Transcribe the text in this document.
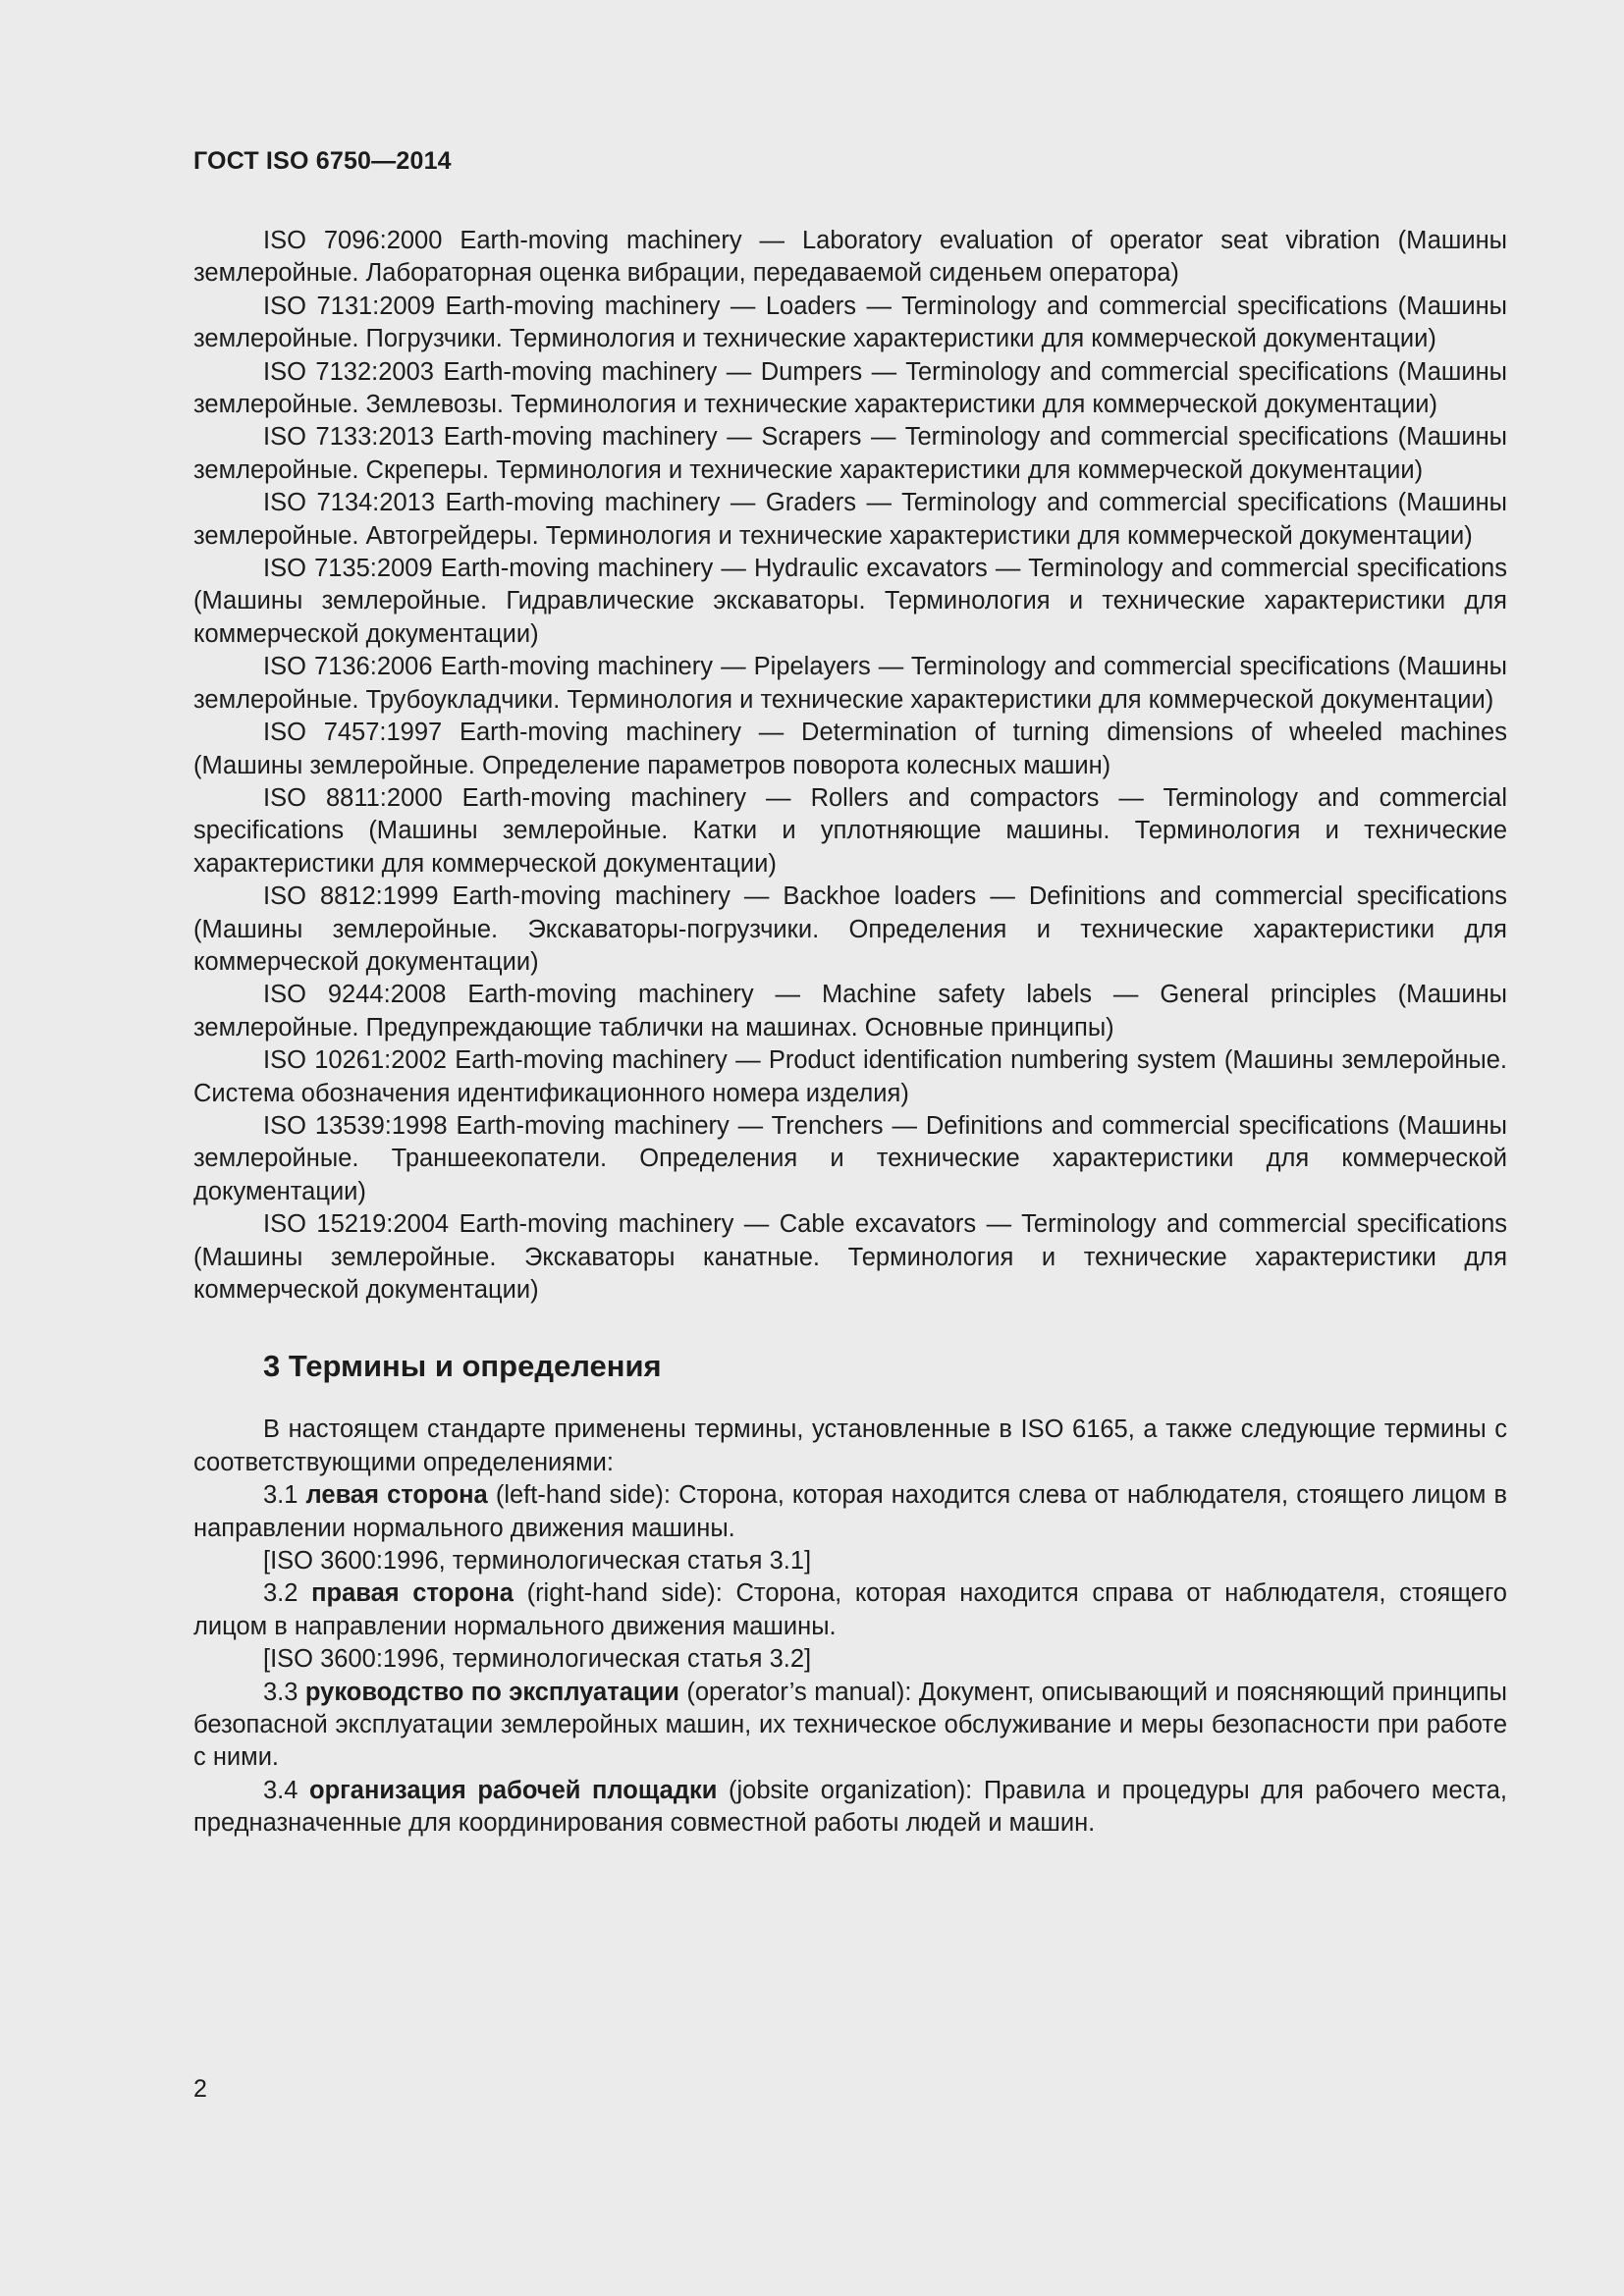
ГОСТ ISO 6750—2014

ISO 7096:2000 Earth-moving machinery — Laboratory evaluation of operator seat vibration (Машины землеройные. Лабораторная оценка вибрации, передаваемой сиденьем оператора)

ISO 7131:2009 Earth-moving machinery — Loaders — Terminology and commercial specifications (Машины землеройные. Погрузчики. Терминология и технические характеристики для коммерческой документации)

ISO 7132:2003 Earth-moving machinery — Dumpers — Terminology and commercial specifications (Машины землеройные. Землевозы. Терминология и технические характеристики для коммерческой документации)

ISO 7133:2013 Earth-moving machinery — Scrapers — Terminology and commercial specifications (Машины землеройные. Скреперы. Терминология и технические характеристики для коммерческой документации)

ISO 7134:2013 Earth-moving machinery — Graders — Terminology and commercial specifications (Машины землеройные. Автогрейдеры. Терминология и технические характеристики для коммерческой документации)

ISO 7135:2009 Earth-moving machinery — Hydraulic excavators — Terminology and commercial specifications (Машины землеройные. Гидравлические экскаваторы. Терминология и технические характеристики для коммерческой документации)

ISO 7136:2006 Earth-moving machinery — Pipelayers — Terminology and commercial specifications (Машины землеройные. Трубоукладчики. Терминология и технические характеристики для коммерческой документации)

ISO 7457:1997 Earth-moving machinery — Determination of turning dimensions of wheeled machines (Машины землеройные. Определение параметров поворота колесных машин)

ISO 8811:2000 Earth-moving machinery — Rollers and compactors — Terminology and commercial specifications (Машины землеройные. Катки и уплотняющие машины. Терминология и технические характеристики для коммерческой документации)

ISO 8812:1999 Earth-moving machinery — Backhoe loaders — Definitions and commercial specifications (Машины землеройные. Экскаваторы-погрузчики. Определения и технические характеристики для коммерческой документации)

ISO 9244:2008 Earth-moving machinery — Machine safety labels — General principles (Машины землеройные. Предупреждающие таблички на машинах. Основные принципы)

ISO 10261:2002 Earth-moving machinery — Product identification numbering system (Машины землеройные. Система обозначения идентификационного номера изделия)

ISO 13539:1998 Earth-moving machinery — Trenchers — Definitions and commercial specifications (Машины землеройные. Траншеекопатели. Определения и технические характеристики для коммерческой документации)

ISO 15219:2004 Earth-moving machinery — Cable excavators — Terminology and commercial specifications (Машины землеройные. Экскаваторы канатные. Терминология и технические характеристики для коммерческой документации)

3 Термины и определения

В настоящем стандарте применены термины, установленные в ISO 6165, а также следующие термины с соответствующими определениями:

3.1 левая сторона (left-hand side): Сторона, которая находится слева от наблюдателя, стоящего лицом в направлении нормального движения машины.

[ISO 3600:1996, терминологическая статья 3.1]

3.2 правая сторона (right-hand side): Сторона, которая находится справа от наблюдателя, стоящего лицом в направлении нормального движения машины.

[ISO 3600:1996, терминологическая статья 3.2]

3.3 руководство по эксплуатации (operator’s manual): Документ, описывающий и поясняющий принципы безопасной эксплуатации землеройных машин, их техническое обслуживание и меры безопасности при работе с ними.

3.4 организация рабочей площадки (jobsite organization): Правила и процедуры для рабочего места, предназначенные для координирования совместной работы людей и машин.

2
